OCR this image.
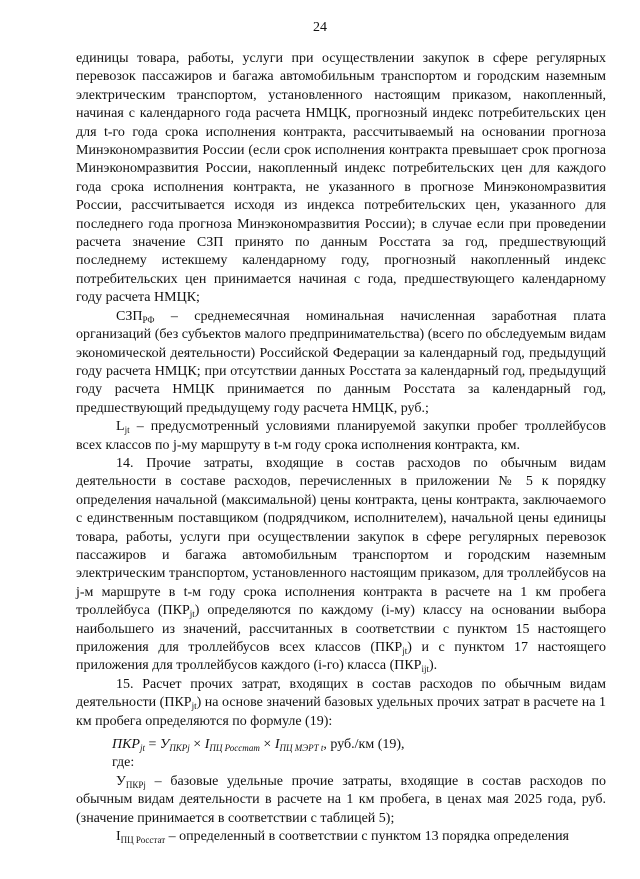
24

единицы товара, работы, услуги при осуществлении закупок в сфере регулярных перевозок пассажиров и багажа автомобильным транспортом и городским наземным электрическим транспортом, установленного настоящим приказом, накопленный, начиная с календарного года расчета НМЦК, прогнозный индекс потребительских цен для t-го года срока исполнения контракта, рассчитываемый на основании прогноза Минэкономразвития России (если срок исполнения контракта превышает срок прогноза Минэкономразвития России, накопленный индекс потребительских цен для каждого года срока исполнения контракта, не указанного в прогнозе Минэкономразвития России, рассчитывается исходя из индекса потребительских цен, указанного для последнего года прогноза Минэкономразвития России); в случае если при проведении расчета значение СЗП принято по данным Росстата за год, предшествующий последнему истекшему календарному году, прогнозный накопленный индекс потребительских цен принимается начиная с года, предшествующего календарному году расчета НМЦК;

$СЗП_{РФ}$ – среднемесячная номинальная начисленная заработная плата организаций (без субъектов малого предпринимательства) (всего по обследуемым видам экономической деятельности) Российской Федерации за календарный год, предыдущий году расчета НМЦК; при отсутствии данных Росстата за календарный год, предыдущий году расчета НМЦК принимается по данным Росстата за календарный год, предшествующий предыдущему году расчета НМЦК, руб.;

$L_{jt}$ – предусмотренный условиями планируемой закупки пробег троллейбусов всех классов по j-му маршруту в t-м году срока исполнения контракта, км.

14. Прочие затраты, входящие в состав расходов по обычным видам деятельности в составе расходов, перечисленных в приложении № 5 к порядку определения начальной (максимальной) цены контракта, цены контракта, заключаемого с единственным поставщиком (подрядчиком, исполнителем), начальной цены единицы товара, работы, услуги при осуществлении закупок в сфере регулярных перевозок пассажиров и багажа автомобильным транспортом и городским наземным электрическим транспортом, установленного настоящим приказом, для троллейбусов на j-м маршруте в t-м году срока исполнения контракта в расчете на 1 км пробега троллейбуса $(ПКР_{jt})$ определяются по каждому (i-му) классу на основании выбора наибольшего из значений, рассчитанных в соответствии с пунктом 15 настоящего приложения для троллейбусов всех классов $(ПКР_{jt})$ и с пунктом 17 настоящего приложения для троллейбусов каждого (i-го) класса $(ПКР_{ijt})$.

15. Расчет прочих затрат, входящих в состав расходов по обычным видам деятельности $(ПКР_{jt})$ на основе значений базовых удельных прочих затрат в расчете на 1 км пробега определяются по формуле (19):

$ПКР_{jt} = У_{ПКРj} \times I_{ПЦ Росстат} \times I_{ПЦ МЭРТ t}$, руб./км (19),

где:

$У_{ПКРj}$ – базовые удельные прочие затраты, входящие в состав расходов по обычным видам деятельности в расчете на 1 км пробега, в ценах мая 2025 года, руб. (значение принимается в соответствии с таблицей 5);

$I_{ПЦ Росстат}$ – определенный в соответствии с пунктом 13 порядка определения
